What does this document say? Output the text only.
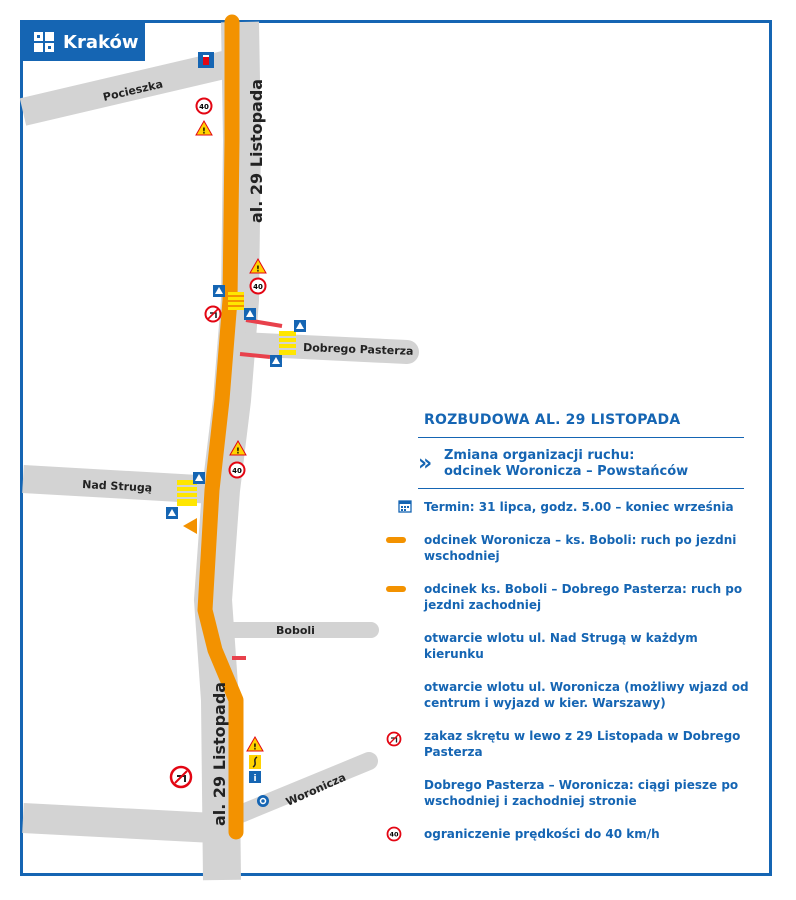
40
40
40
i
Pocieszka	al. 29 Listopada
Dobrego Pasterza
Nad Strugą
Boboli
al. 29 Listopada	Woronicza
Kraków
ROZBUDOWA AL. 29 LISTOPADA
» Zmiana organizacji ruchu:
odcinek Woronicza – Powstańców
Termin: 31 lipca, godz. 5.00 – koniec września
odcinek Woronicza – ks. Boboli: ruch po jezdni wschodniej
odcinek ks. Boboli – Dobrego Pasterza: ruch po jezdni zachodniej
otwarcie wlotu ul. Nad Strugą w każdym kierunku
otwarcie wlotu ul. Woronicza (możliwy wjazd od centrum i wyjazd w kier. Warszawy)
zakaz skrętu w lewo z 29 Listopada w Dobrego Pasterza
Dobrego Pasterza – Woronicza: ciągi piesze po wschodniej i zachodniej stronie
40 ograniczenie prędkości do 40 km/h
